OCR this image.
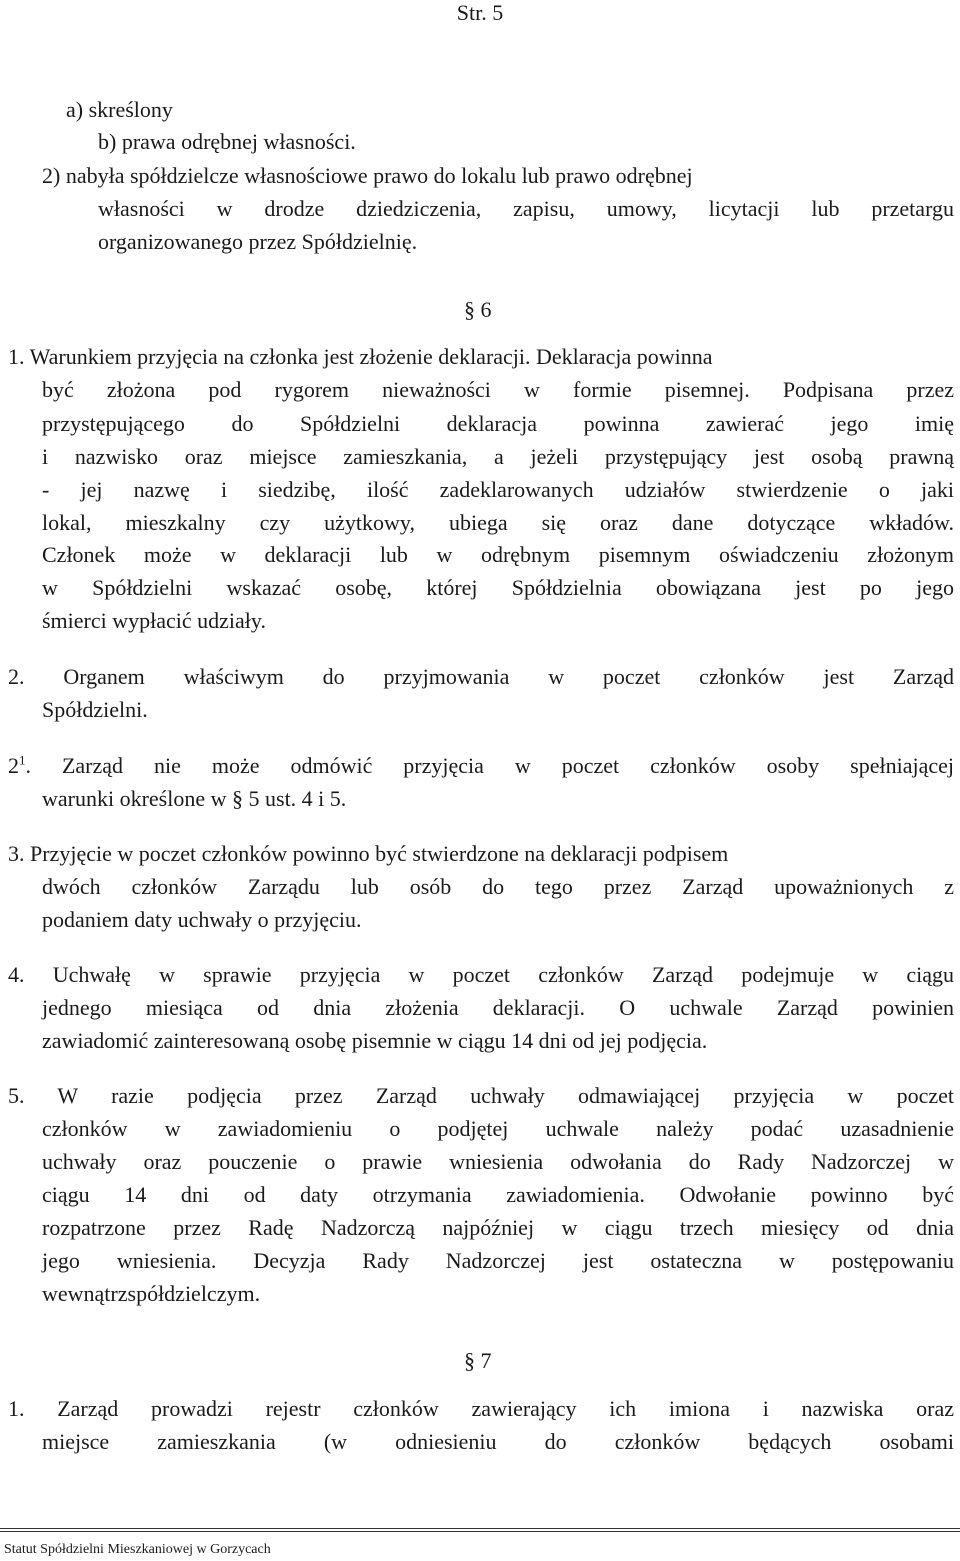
Str. 5
a) skreślony
b) prawa odrębnej własności.
2) nabyła spółdzielcze własnościowe prawo do lokalu lub prawo odrębnej
własności w drodze dziedziczenia, zapisu, umowy, licytacji lub przetargu
organizowanego przez Spółdzielnię.
§ 6
1. Warunkiem przyjęcia na członka jest złożenie deklaracji. Deklaracja powinna
być złożona pod rygorem nieważności w formie pisemnej. Podpisana przez
przystępującego do Spółdzielni deklaracja powinna zawierać jego imię
i nazwisko oraz miejsce zamieszkania, a jeżeli przystępujący jest osobą prawną
- jej nazwę i siedzibę, ilość zadeklarowanych udziałów stwierdzenie o jaki
lokal, mieszkalny czy użytkowy, ubiega się oraz dane dotyczące wkładów.
Członek może w deklaracji lub w odrębnym pisemnym oświadczeniu złożonym
w Spółdzielni wskazać osobę, której Spółdzielnia obowiązana jest po jego
śmierci wypłacić udziały.
2. Organem właściwym do przyjmowania w poczet członków jest Zarząd
Spółdzielni.
$2^1$. Zarząd nie może odmówić przyjęcia w poczet członków osoby spełniającej
warunki określone w § 5 ust. 4 i 5.
3. Przyjęcie w poczet członków powinno być stwierdzone na deklaracji podpisem
dwóch członków Zarządu lub osób do tego przez Zarząd upoważnionych z
podaniem daty uchwały o przyjęciu.
4. Uchwałę w sprawie przyjęcia w poczet członków Zarząd podejmuje w ciągu
jednego miesiąca od dnia złożenia deklaracji. O uchwale Zarząd powinien
zawiadomić zainteresowaną osobę pisemnie w ciągu 14 dni od jej podjęcia.
5. W razie podjęcia przez Zarząd uchwały odmawiającej przyjęcia w poczet
członków w zawiadomieniu o podjętej uchwale należy podać uzasadnienie
uchwały oraz pouczenie o prawie wniesienia odwołania do Rady Nadzorczej w
ciągu 14 dni od daty otrzymania zawiadomienia. Odwołanie powinno być
rozpatrzone przez Radę Nadzorczą najpóźniej w ciągu trzech miesięcy od dnia
jego wniesienia. Decyzja Rady Nadzorczej jest ostateczna w postępowaniu
wewnątrzspółdzielczym.
§ 7
1. Zarząd prowadzi rejestr członków zawierający ich imiona i nazwiska oraz
miejsce zamieszkania (w odniesieniu do członków będących osobami
Statut Spółdzielni Mieszkaniowej w Gorzycach
